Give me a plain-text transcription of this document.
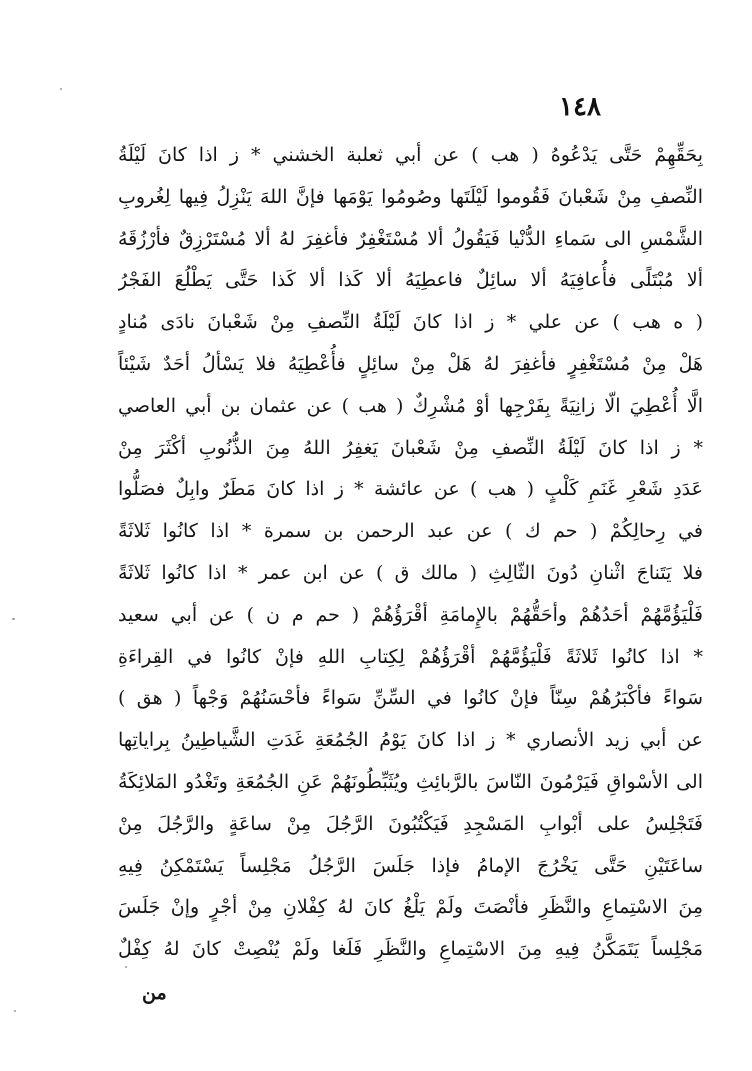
١٤٨
بِحَقِّهِمْ حَتَّى يَدْعُوهُ ( هب ) عن أبي ثعلبة الخشني * ز اذا كانَ لَيْلَةُ
النِّصفِ مِنْ شَعْبانَ فَقُوموا لَيْلَتَها وصُومُوا يَوْمَها فإنَّ اللهَ يَنْزِلُ فِيها لِغُروبِ
الشَّمْسِ الى سَماءِ الدُّنْيا فَيَقُولُ ألا مُسْتَغْفِرٌ فأغفِرَ لهُ ألا مُسْتَرْزِقٌ فأرْزُقَهُ
ألا مُبْتَلًى فأُعافِيَهُ ألا سائِلٌ فاعطِيَهُ ألا كَذا ألا كَذا حَتَّى يَطْلُعَ الفَجْرُ
( ه هب ) عن علي * ز اذا كانَ لَيْلَةُ النِّصفِ مِنْ شَعْبانَ نادَى مُنادٍ
هَلْ مِنْ مُسْتَغْفِرٍ فأغفِرَ لهُ هَلْ مِنْ سائِلٍ فأُعْطِيَهُ فلا يَسْألُ أحَدٌ شَيْئاً
الَّا أُعْطِيَ الّا زانِيَةً بِفَرْجِها أوْ مُشْرِكٌ ( هب ) عن عثمان بن أبي العاصي
* ز اذا كانَ لَيْلَةُ النِّصفِ مِنْ شَعْبانَ يَغفِرُ اللهُ مِنَ الذُّنُوبِ أكْثَرَ مِنْ
عَدَدِ شَعْرِ غَنَمِ كَلْبٍ ( هب ) عن عائشة * ز اذا كانَ مَطَرٌ وابِلٌ فصَلُّوا
في رِحالِكُمْ ( حم ك ) عن عبد الرحمن بن سمرة * اذا كانُوا ثَلاثَةً
فلا يَتَناجَ اثْنانِ دُونَ الثّالِثِ ( مالك ق ) عن ابن عمر * اذا كانُوا ثَلاثَةً
فَلْيَؤُمَّهُمْ أحَدُهُمْ وأحَقُّهُمْ بالإِمامَةِ أقْرَؤُهُمْ ( حم م ن ) عن أبي سعيد
* اذا كانُوا ثَلاثَةً فَلْيَؤُمَّهُمْ أقْرَؤُهُمْ لِكِتابِ اللهِ فإنْ كانُوا في القِراءَةِ
سَواءً فأكْبَرُهُمْ سِنّاً فإنْ كانُوا في السِّنِّ سَواءً فأحْسَنُهُمْ وَجْهاً ( هق )
عن أبي زيد الأنصاري * ز اذا كانَ يَوْمُ الجُمُعَةِ غَدَتِ الشَّياطِينُ بِراياتِها
الى الأسْواقِ فَيَرْمُونَ النّاسَ بالرَّبائِثِ ويُثَبِّطُونَهُمْ عَنِ الجُمُعَةِ وتَغْدُو المَلائِكَةُ
فَتَجْلِسُ على أبْوابِ المَسْجِدِ فَيَكْتُبُونَ الرَّجُلَ مِنْ ساعَةٍ والرَّجُلَ مِنْ
ساعَتَيْنِ حَتَّى يَخْرُجَ الإمامُ فإذا جَلَسَ الرَّجُلُ مَجْلِساً يَسْتَمْكِنُ فِيهِ
مِنَ الاسْتِماعِ والنَّظَرِ فأنْصَتَ ولَمْ يَلْغُ كانَ لهُ كِفْلانِ مِنْ أجْرٍ وإنْ جَلَسَ
مَجْلِساً يَتَمَكَّنُ فِيهِ مِنَ الاسْتِماعِ والنَّظَرِ فَلَغا ولَمْ يُنْصِتْ كانَ لهُ كِفْلٌ
من
